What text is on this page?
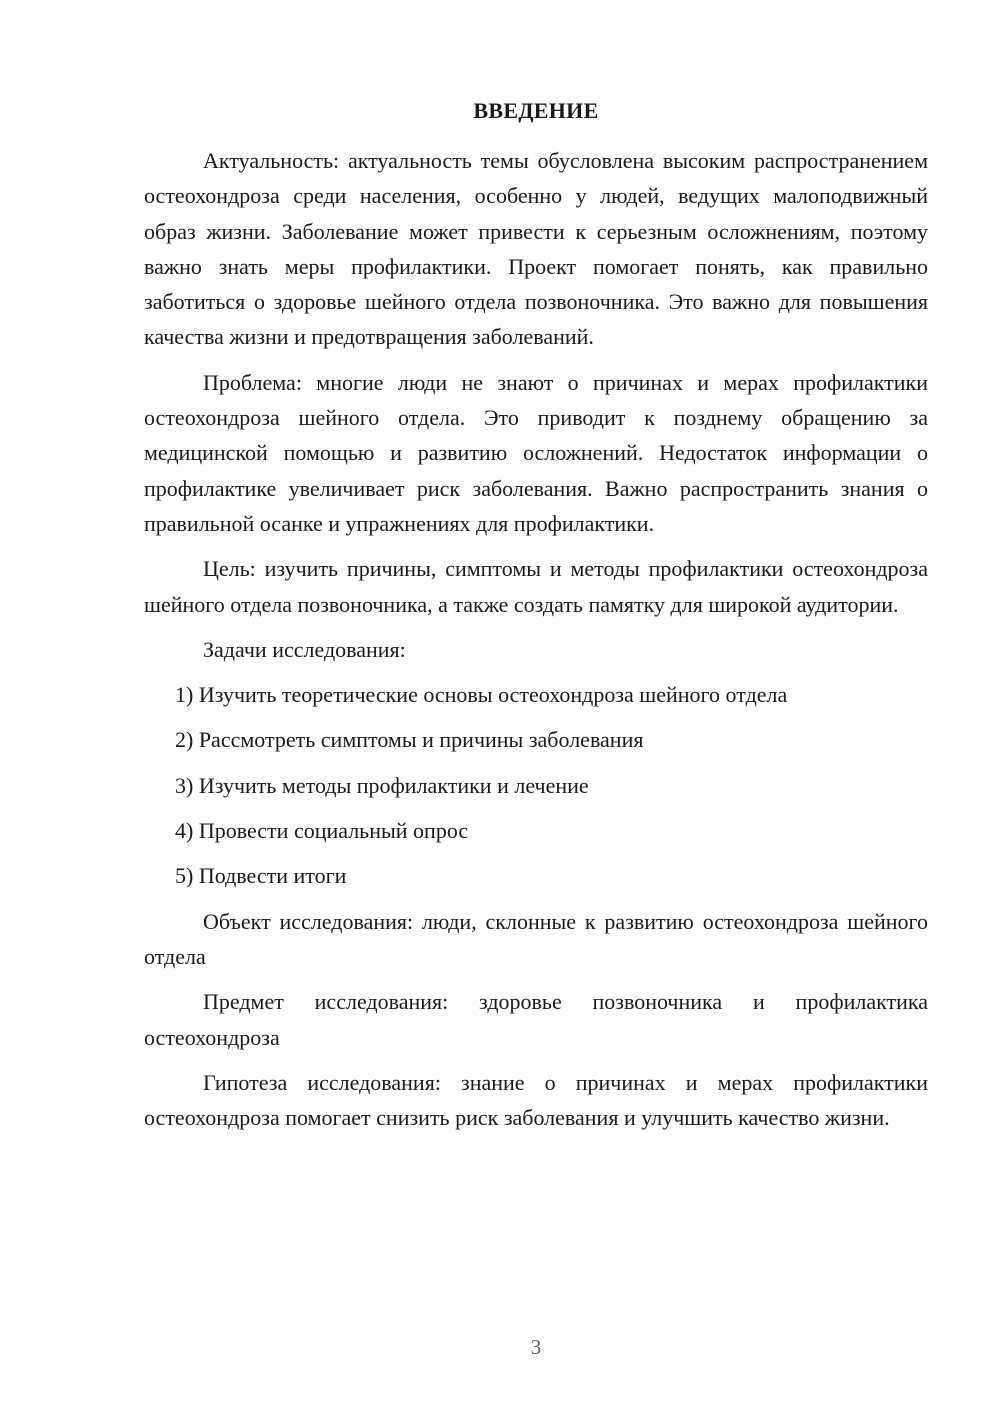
ВВЕДЕНИЕ

Актуальность: актуальность темы обусловлена высоким распространением остеохондроза среди населения, особенно у людей, ведущих малоподвижный образ жизни. Заболевание может привести к серьезным осложнениям, поэтому важно знать меры профилактики. Проект помогает понять, как правильно заботиться о здоровье шейного отдела позвоночника. Это важно для повышения качества жизни и предотвращения заболеваний.

Проблема: многие люди не знают о причинах и мерах профилактики остеохондроза шейного отдела. Это приводит к позднему обращению за медицинской помощью и развитию осложнений. Недостаток информации о профилактике увеличивает риск заболевания. Важно распространить знания о правильной осанке и упражнениях для профилактики.

Цель: изучить причины, симптомы и методы профилактики остеохондроза шейного отдела позвоночника, а также создать памятку для широкой аудитории.

Задачи исследования:

1) Изучить теоретические основы остеохондроза шейного отдела
2) Рассмотреть симптомы и причины заболевания
3) Изучить методы профилактики и лечение
4) Провести социальный опрос
5) Подвести итоги

Объект исследования: люди, склонные к развитию остеохондроза шейного отдела

Предмет исследования: здоровье позвоночника и профилактика остеохондроза

Гипотеза исследования: знание о причинах и мерах профилактики остеохондроза помогает снизить риск заболевания и улучшить качество жизни.

3
